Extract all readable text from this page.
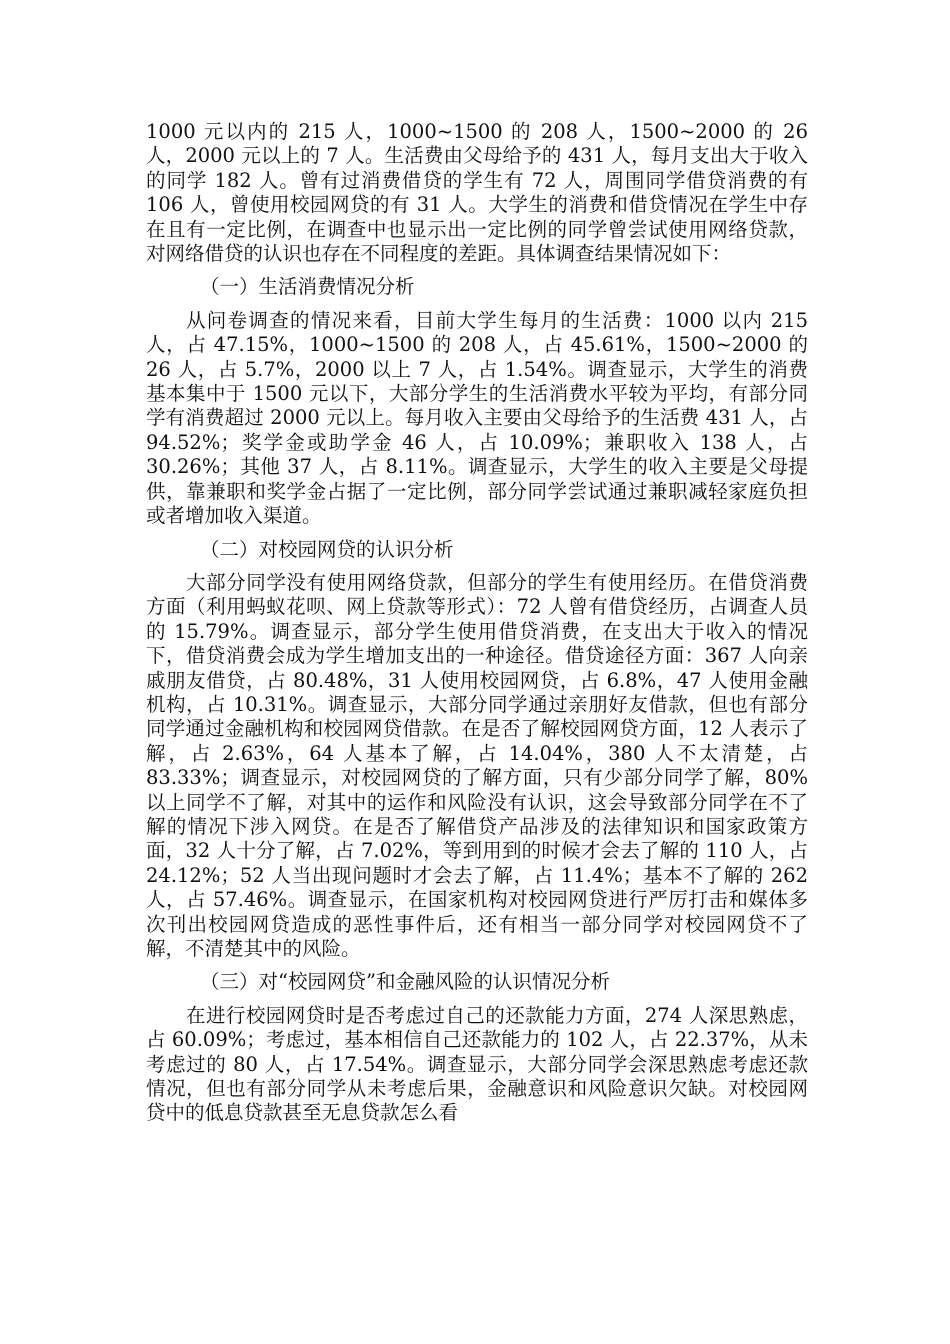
1000 元以内的 215 人，1000~1500 的 208 人，1500~2000 的 26 人，2000 元以上的 7 人。生活费由父母给予的 431 人，每月支出大于收入的同学 182 人。曾有过消费借贷的学生有 72 人，周围同学借贷消费的有 106 人，曾使用校园网贷的有 31 人。大学生的消费和借贷情况在学生中存在且有一定比例，在调查中也显示出一定比例的同学曾尝试使用网络贷款，对网络借贷的认识也存在不同程度的差距。具体调查结果情况如下：

（一）生活消费情况分析

从问卷调查的情况来看，目前大学生每月的生活费：1000 以内 215 人，占 47.15%，1000~1500 的 208 人，占 45.61%，1500~2000 的 26 人，占 5.7%，2000 以上 7 人，占 1.54%。调查显示，大学生的消费基本集中于 1500 元以下，大部分学生的生活消费水平较为平均，有部分同学有消费超过 2000 元以上。每月收入主要由父母给予的生活费 431 人，占 94.52%；奖学金或助学金 46 人，占 10.09%；兼职收入 138 人，占 30.26%；其他 37 人，占 8.11%。调查显示，大学生的收入主要是父母提供，靠兼职和奖学金占据了一定比例，部分同学尝试通过兼职减轻家庭负担或者增加收入渠道。

（二）对校园网贷的认识分析

大部分同学没有使用网络贷款，但部分的学生有使用经历。在借贷消费方面（利用蚂蚁花呗、网上贷款等形式）：72 人曾有借贷经历，占调查人员的 15.79%。调查显示，部分学生使用借贷消费，在支出大于收入的情况下，借贷消费会成为学生增加支出的一种途径。借贷途径方面：367 人向亲戚朋友借贷，占 80.48%，31 人使用校园网贷，占 6.8%，47 人使用金融机构，占 10.31%。调查显示，大部分同学通过亲朋好友借款，但也有部分同学通过金融机构和校园网贷借款。在是否了解校园网贷方面，12 人表示了解，占 2.63%，64 人基本了解，占 14.04%，380 人不太清楚，占 83.33%；调查显示，对校园网贷的了解方面，只有少部分同学了解，80%以上同学不了解，对其中的运作和风险没有认识，这会导致部分同学在不了解的情况下涉入网贷。在是否了解借贷产品涉及的法律知识和国家政策方面，32 人十分了解，占 7.02%，等到用到的时候才会去了解的 110 人，占 24.12%；52 人当出现问题时才会去了解，占 11.4%；基本不了解的 262 人，占 57.46%。调查显示，在国家机构对校园网贷进行严厉打击和媒体多次刊出校园网贷造成的恶性事件后，还有相当一部分同学对校园网贷不了解，不清楚其中的风险。

（三）对“校园网贷”和金融风险的认识情况分析

在进行校园网贷时是否考虑过自己的还款能力方面，274 人深思熟虑，占 60.09%；考虑过，基本相信自己还款能力的 102 人，占 22.37%，从未考虑过的 80 人，占 17.54%。调查显示，大部分同学会深思熟虑考虑还款情况，但也有部分同学从未考虑后果，金融意识和风险意识欠缺。对校园网贷中的低息贷款甚至无息贷款怎么看
